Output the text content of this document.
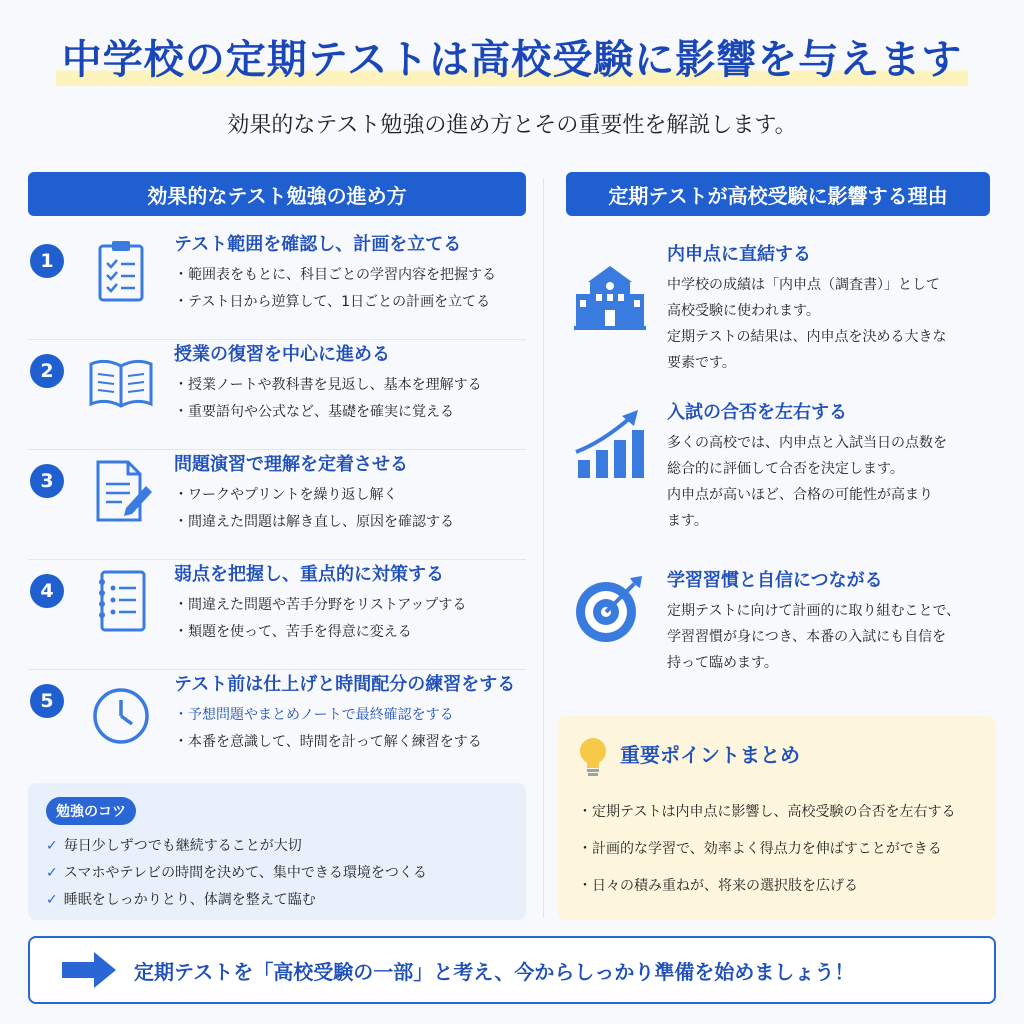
中学校の定期テストは高校受験に影響を与えます
効果的なテスト勉強の進め方とその重要性を解説します。
効果的なテスト勉強の進め方	定期テストが高校受験に影響する理由
1
テスト範囲を確認し、計画を立てる
・範囲表をもとに、科目ごとの学習内容を把握する
・テスト日から逆算して、1日ごとの計画を立てる
2
授業の復習を中心に進める
・授業ノートや教科書を見返し、基本を理解する
・重要語句や公式など、基礎を確実に覚える
3
問題演習で理解を定着させる
・ワークやプリントを繰り返し解く
・間違えた問題は解き直し、原因を確認する
4
弱点を把握し、重点的に対策する
・間違えた問題や苦手分野をリストアップする
・類題を使って、苦手を得意に変える
5
テスト前は仕上げと時間配分の練習をする
・予想問題やまとめノートで最終確認をする
・本番を意識して、時間を計って解く練習をする
勉強のコツ
✓ 毎日少しずつでも継続することが大切
✓ スマホやテレビの時間を決めて、集中できる環境をつくる
✓ 睡眠をしっかりとり、体調を整えて臨む
内申点に直結する
中学校の成績は「内申点（調査書）」として
高校受験に使われます。
定期テストの結果は、内申点を決める大きな
要素です。
入試の合否を左右する
多くの高校では、内申点と入試当日の点数を
総合的に評価して合否を決定します。
内申点が高いほど、合格の可能性が高まり
ます。
学習習慣と自信につながる
定期テストに向けて計画的に取り組むことで、
学習習慣が身につき、本番の入試にも自信を
持って臨めます。
重要ポイントまとめ
・定期テストは内申点に影響し、高校受験の合否を左右する
・計画的な学習で、効率よく得点力を伸ばすことができる
・日々の積み重ねが、将来の選択肢を広げる
定期テストを「高校受験の一部」と考え、今からしっかり準備を始めましょう！
